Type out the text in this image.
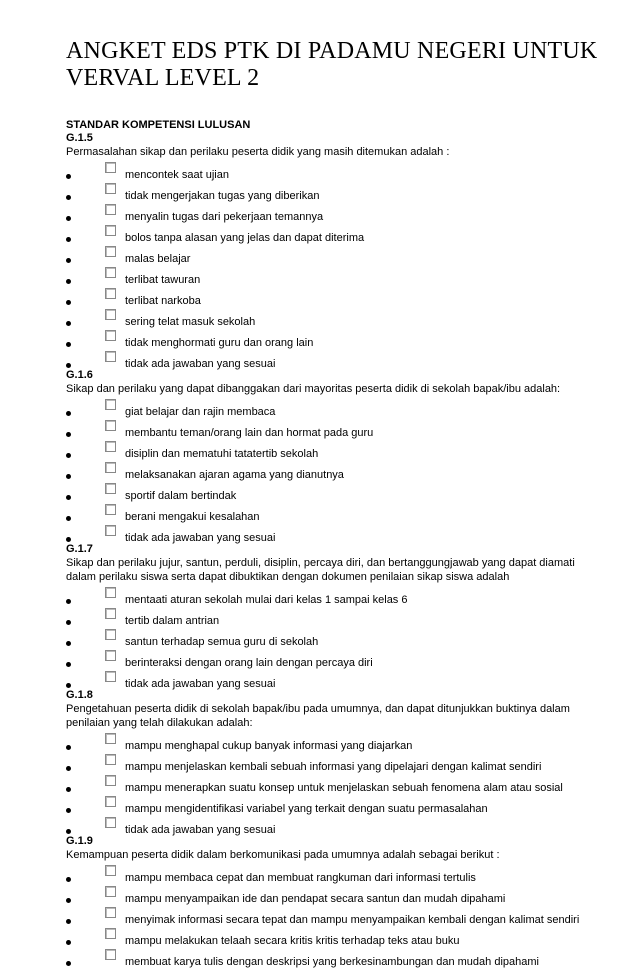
ANGKET EDS PTK DI PADAMU NEGERI UNTUK VERVAL LEVEL 2
STANDAR KOMPETENSI LULUSAN
G.1.5
Permasalahan sikap dan perilaku peserta didik yang masih ditemukan adalah :
mencontek saat ujian
tidak mengerjakan tugas yang diberikan
menyalin tugas dari pekerjaan temannya
bolos tanpa alasan yang jelas dan dapat diterima
malas belajar
terlibat tawuran
terlibat narkoba
sering telat masuk sekolah
tidak menghormati guru dan orang lain
tidak ada jawaban yang sesuai
G.1.6
Sikap dan perilaku yang dapat dibanggakan dari mayoritas peserta didik di sekolah bapak/ibu adalah:
giat belajar dan rajin membaca
membantu teman/orang lain dan hormat pada guru
disiplin dan mematuhi tatatertib sekolah
melaksanakan ajaran agama yang dianutnya
sportif dalam bertindak
berani mengakui kesalahan
tidak ada jawaban yang sesuai
G.1.7
Sikap dan perilaku jujur, santun, perduli, disiplin, percaya diri, dan bertanggungjawab yang dapat diamati dalam perilaku siswa serta dapat dibuktikan dengan dokumen penilaian sikap siswa adalah
mentaati aturan sekolah mulai dari kelas 1 sampai kelas 6
tertib dalam antrian
santun terhadap semua guru di sekolah
berinteraksi dengan orang lain dengan percaya diri
tidak ada jawaban yang sesuai
G.1.8
Pengetahuan peserta didik di sekolah bapak/ibu pada umumnya, dan dapat ditunjukkan buktinya dalam penilaian yang telah dilakukan adalah:
mampu menghapal cukup banyak informasi yang diajarkan
mampu menjelaskan kembali sebuah informasi yang dipelajari dengan kalimat sendiri
mampu menerapkan suatu konsep untuk menjelaskan sebuah fenomena alam atau sosial
mampu mengidentifikasi variabel yang terkait dengan suatu permasalahan
tidak ada jawaban yang sesuai
G.1.9
Kemampuan peserta didik dalam berkomunikasi pada umumnya adalah sebagai berikut :
mampu membaca cepat dan membuat rangkuman dari informasi tertulis
mampu menyampaikan ide dan pendapat secara santun dan mudah dipahami
menyimak informasi secara tepat dan mampu menyampaikan kembali dengan kalimat sendiri
mampu melakukan telaah secara kritis kritis terhadap teks atau buku
membuat karya tulis dengan deskripsi yang berkesinambungan dan mudah dipahami
